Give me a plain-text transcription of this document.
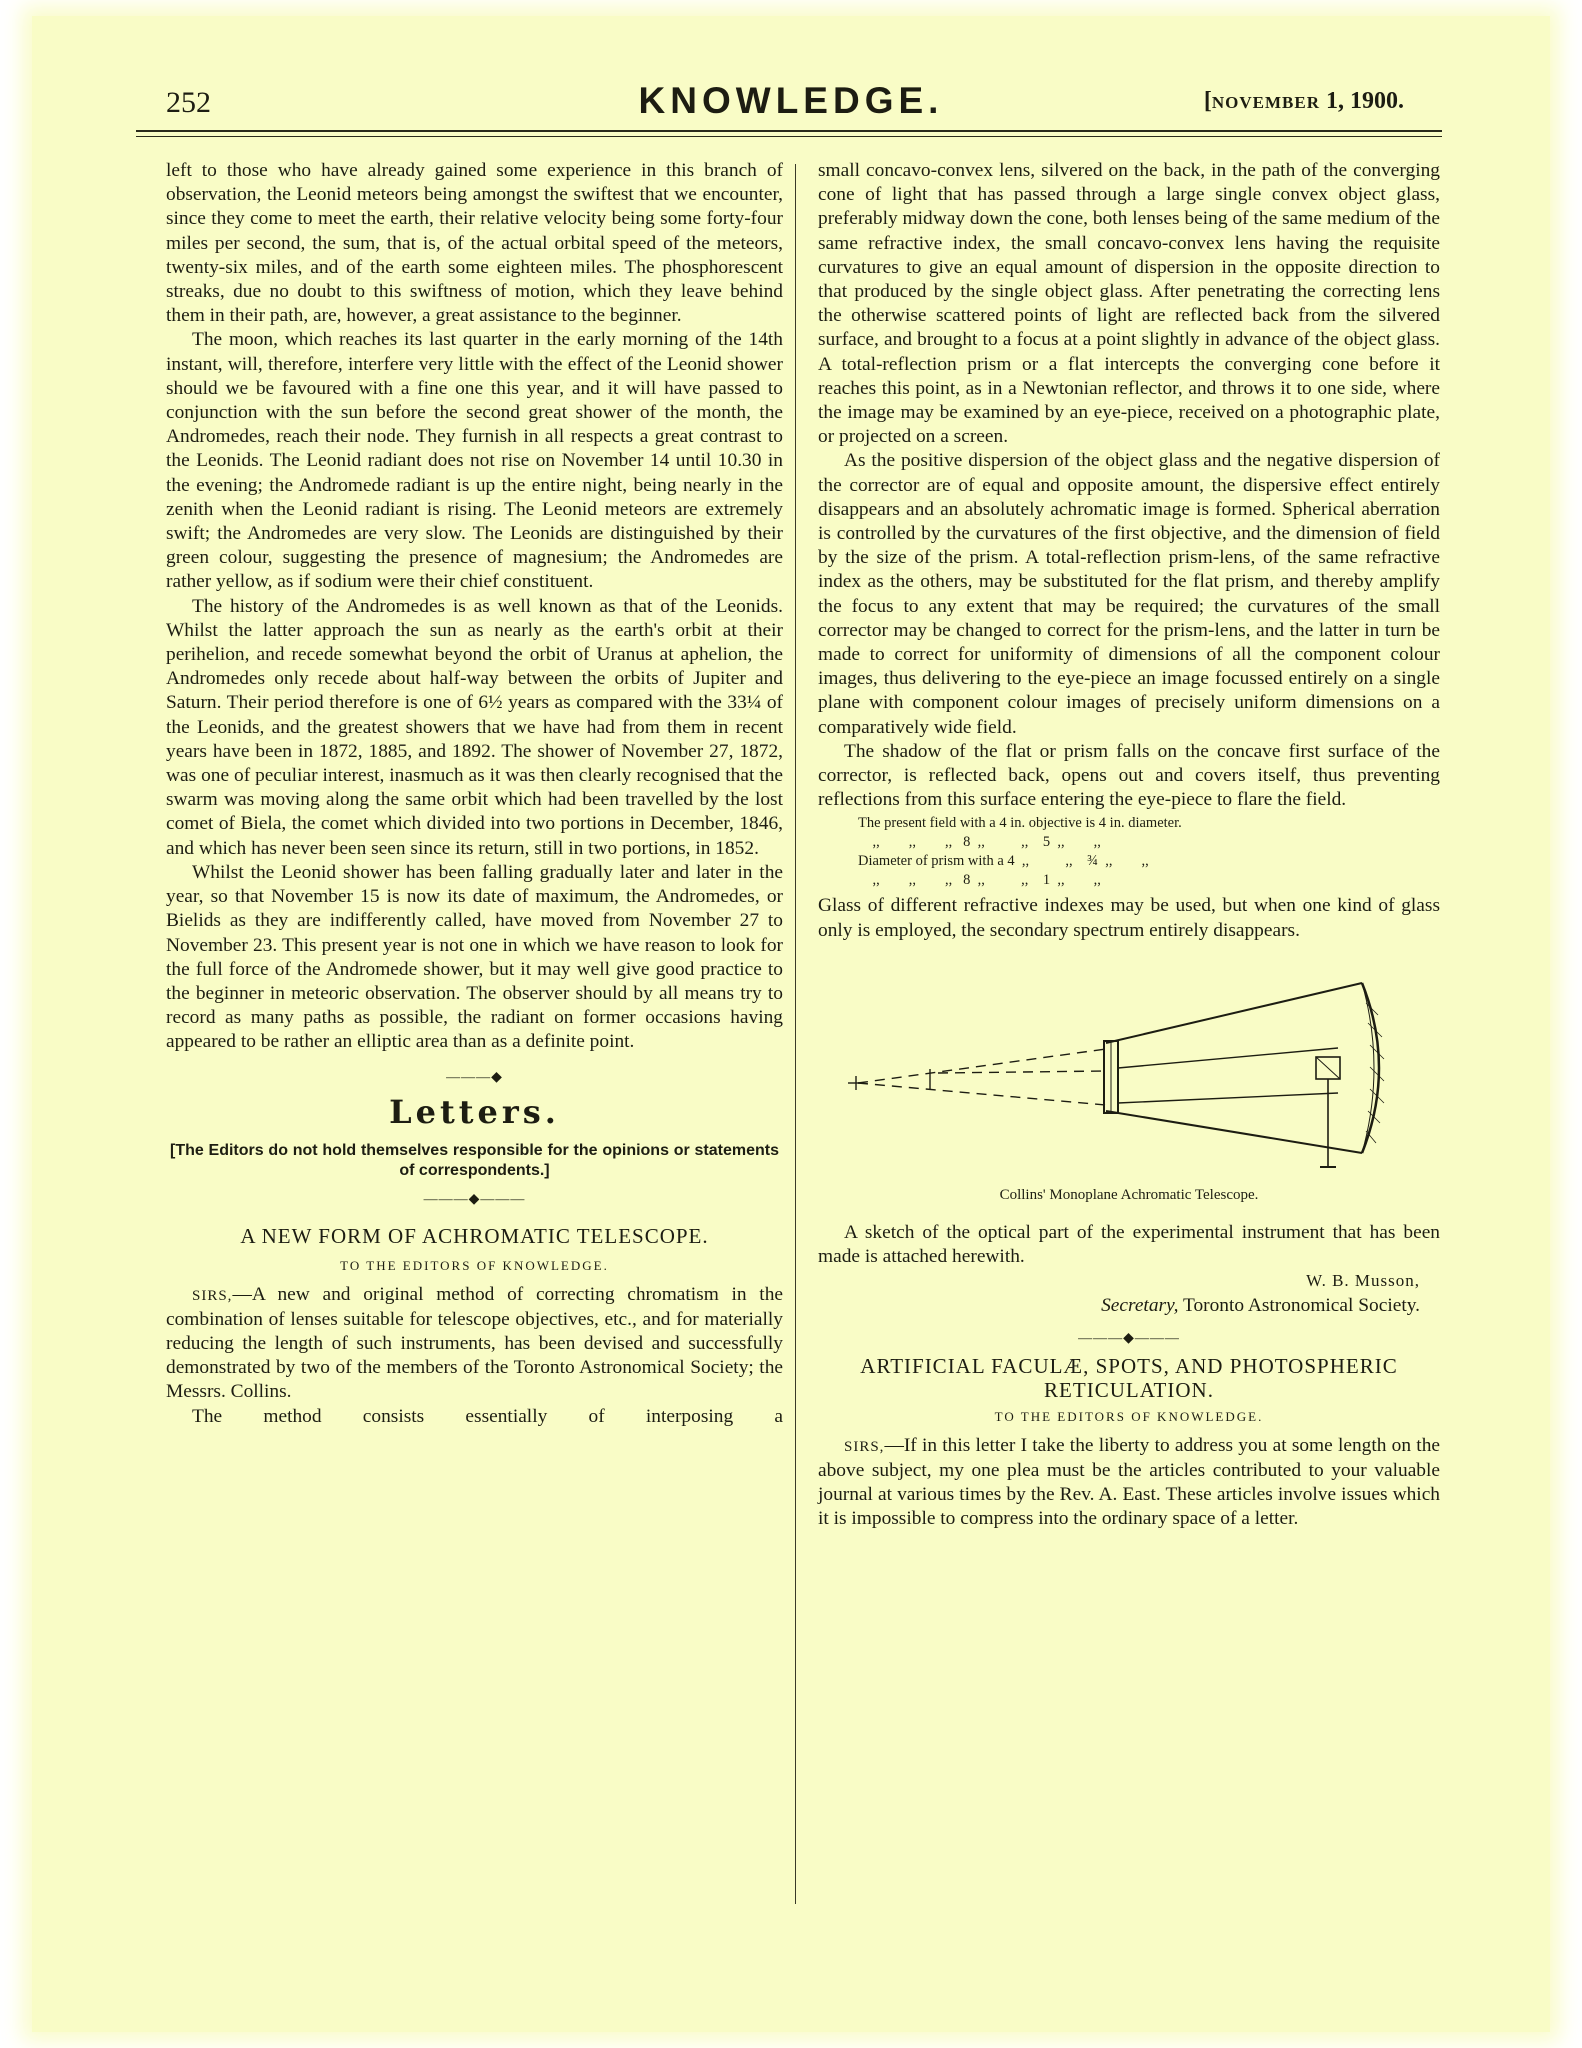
252	KNOWLEDGE.	[NOVEMBER 1, 1900.

left to those who have already gained some experience in this branch of observation, the Leonid meteors being amongst the swiftest that we encounter, since they come to meet the earth, their relative velocity being some forty-four miles per second, the sum, that is, of the actual orbital speed of the meteors, twenty-six miles, and of the earth some eighteen miles. The phosphorescent streaks, due no doubt to this swiftness of motion, which they leave behind them in their path, are, however, a great assistance to the beginner.

The moon, which reaches its last quarter in the early morning of the 14th instant, will, therefore, interfere very little with the effect of the Leonid shower should we be favoured with a fine one this year, and it will have passed to conjunction with the sun before the second great shower of the month, the Andromedes, reach their node. They furnish in all respects a great contrast to the Leonids. The Leonid radiant does not rise on November 14 until 10.30 in the evening; the Andromede radiant is up the entire night, being nearly in the zenith when the Leonid radiant is rising. The Leonid meteors are extremely swift; the Andromedes are very slow. The Leonids are distinguished by their green colour, suggesting the presence of magnesium; the Andromedes are rather yellow, as if sodium were their chief constituent.

The history of the Andromedes is as well known as that of the Leonids. Whilst the latter approach the sun as nearly as the earth's orbit at their perihelion, and recede somewhat beyond the orbit of Uranus at aphelion, the Andromedes only recede about half-way between the orbits of Jupiter and Saturn. Their period therefore is one of 6½ years as compared with the 33¼ of the Leonids, and the greatest showers that we have had from them in recent years have been in 1872, 1885, and 1892. The shower of November 27, 1872, was one of peculiar interest, inasmuch as it was then clearly recognised that the swarm was moving along the same orbit which had been travelled by the lost comet of Biela, the comet which divided into two portions in December, 1846, and which has never been seen since its return, still in two portions, in 1852.

Whilst the Leonid shower has been falling gradually later and later in the year, so that November 15 is now its date of maximum, the Andromedes, or Bielids as they are indifferently called, have moved from November 27 to November 23. This present year is not one in which we have reason to look for the full force of the Andromede shower, but it may well give good practice to the beginner in meteoric observation. The observer should by all means try to record as many paths as possible, the radiant on former occasions having appeared to be rather an elliptic area than as a definite point.

———◆
Letters.
[The Editors do not hold themselves responsible for the opinions or statements of correspondents.]
———◆———
A NEW FORM OF ACHROMATIC TELESCOPE.
TO THE EDITORS OF KNOWLEDGE.

SIRS,—A new and original method of correcting chromatism in the combination of lenses suitable for telescope objectives, etc., and for materially reducing the length of such instruments, has been devised and successfully demonstrated by two of the members of the Toronto Astronomical Society; the Messrs. Collins.

The method consists essentially of interposing a

small concavo-convex lens, silvered on the back, in the path of the converging cone of light that has passed through a large single convex object glass, preferably midway down the cone, both lenses being of the same medium of the same refractive index, the small concavo-convex lens having the requisite curvatures to give an equal amount of dispersion in the opposite direction to that produced by the single object glass. After penetrating the correcting lens the otherwise scattered points of light are reflected back from the silvered surface, and brought to a focus at a point slightly in advance of the object glass. A total-reflection prism or a flat intercepts the converging cone before it reaches this point, as in a Newtonian reflector, and throws it to one side, where the image may be examined by an eye-piece, received on a photographic plate, or projected on a screen.

As the positive dispersion of the object glass and the negative dispersion of the corrector are of equal and opposite amount, the dispersive effect entirely disappears and an absolutely achromatic image is formed. Spherical aberration is controlled by the curvatures of the first objective, and the dimension of field by the size of the prism. A total-reflection prism-lens, of the same refractive index as the others, may be substituted for the flat prism, and thereby amplify the focus to any extent that may be required; the curvatures of the small corrector may be changed to correct for the prism-lens, and the latter in turn be made to correct for uniformity of dimensions of all the component colour images, thus delivering to the eye-piece an image focussed entirely on a single plane with component colour images of precisely uniform dimensions on a comparatively wide field.

The shadow of the flat or prism falls on the concave first surface of the corrector, is reflected back, opens out and covers itself, thus preventing reflections from this surface entering the eye-piece to flare the field.

The present field with a 4 in. objective is 4 in. diameter.
,,        ,,        ,,   8  ,,          ,,    5  ,,        ,,
Diameter of prism with a 4  ,,          ,,    ¾  ,,        ,,
,,        ,,        ,,   8  ,,          ,,    1  ,,        ,,

Glass of different refractive indexes may be used, but when one kind of glass only is employed, the secondary spectrum entirely disappears.

Collins' Monoplane Achromatic Telescope.

A sketch of the optical part of the experimental instrument that has been made is attached herewith.

W. B. Musson,
Secretary, Toronto Astronomical Society.
———◆———
ARTIFICIAL FACULÆ, SPOTS, AND PHOTOSPHERIC RETICULATION.
TO THE EDITORS OF KNOWLEDGE.

SIRS,—If in this letter I take the liberty to address you at some length on the above subject, my one plea must be the articles contributed to your valuable journal at various times by the Rev. A. East. These articles involve issues which it is impossible to compress into the ordinary space of a letter.
